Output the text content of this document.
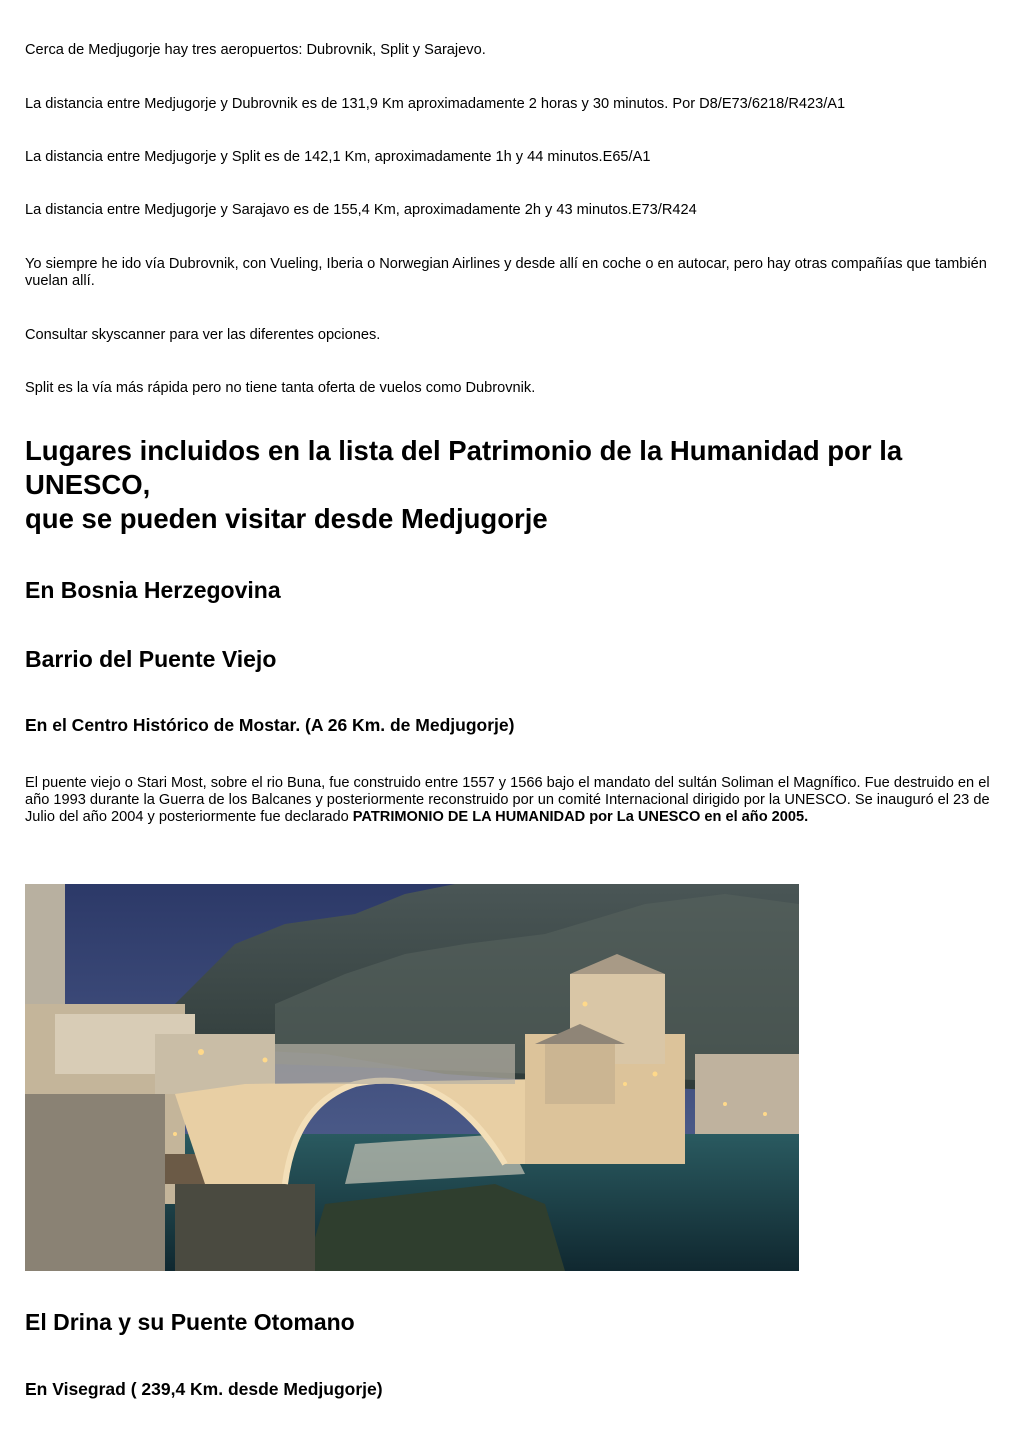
Cerca de Medjugorje hay tres aeropuertos: Dubrovnik, Split y Sarajevo.

La distancia entre Medjugorje y Dubrovnik es de 131,9 Km aproximadamente 2 horas y 30 minutos. Por D8/E73/6218/R423/A1

La distancia entre Medjugorje y Split es de 142,1 Km, aproximadamente 1h y 44 minutos.E65/A1

La distancia entre Medjugorje y Sarajavo es de 155,4 Km, aproximadamente 2h y 43 minutos.E73/R424

Yo siempre he ido vía Dubrovnik, con Vueling, Iberia o Norwegian Airlines y desde allí en coche o en autocar, pero hay otras compañías que también vuelan allí.

Consultar skyscanner para ver las diferentes opciones.

Split es la vía más rápida pero no tiene tanta oferta de vuelos como Dubrovnik.

Lugares incluidos en la lista del Patrimonio de la Humanidad por la UNESCO,
que se pueden visitar desde Medjugorje
En Bosnia Herzegovina
Barrio del Puente Viejo
En el Centro Histórico de Mostar. (A 26 Km. de Medjugorje)

El puente viejo o Stari Most, sobre el rio Buna, fue construido entre 1557 y 1566 bajo el mandato del sultán Soliman el Magnífico. Fue destruido en el año 1993 durante la Guerra de los Balcanes y posteriormente reconstruido por un comité Internacional dirigido por la UNESCO. Se inauguró el 23 de Julio del año 2004 y posteriormente fue declarado PATRIMONIO DE LA HUMANIDAD por La UNESCO en el año 2005.

El Drina y su Puente Otomano
En Visegrad ( 239,4 Km. desde Medjugorje)
